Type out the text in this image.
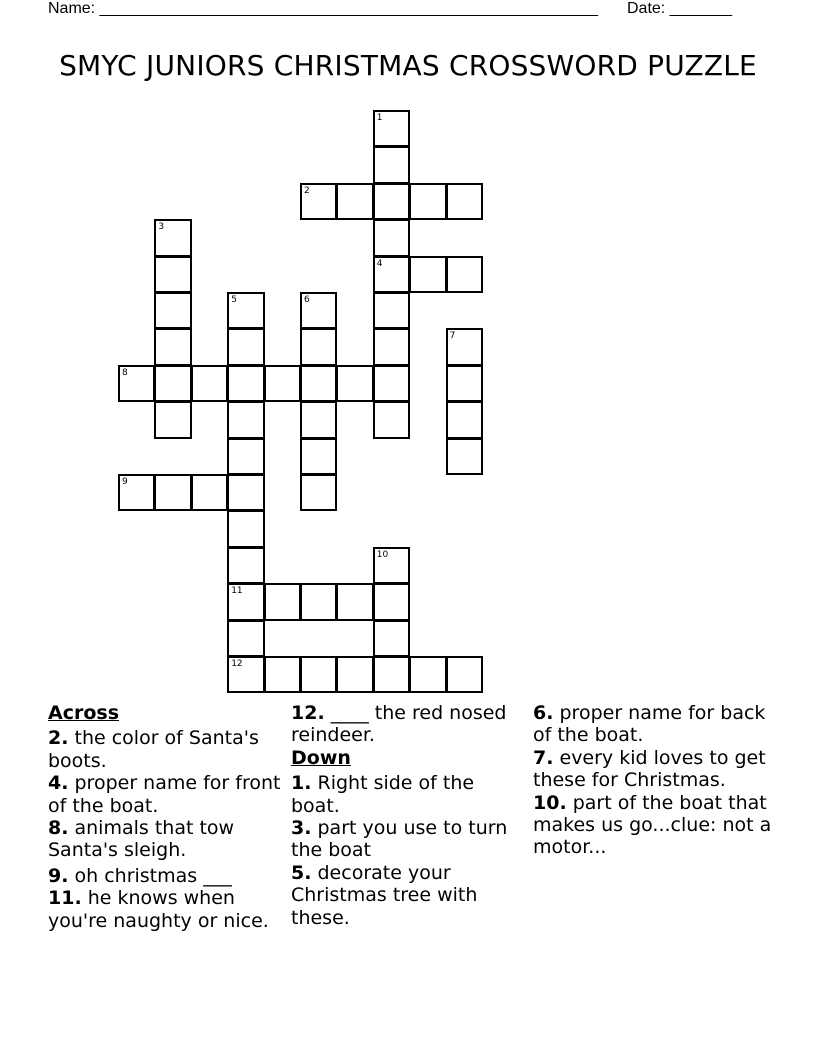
Name: ________________________________________________________ Date: _______
SMYC JUNIORS CHRISTMAS CROSSWORD PUZZLE
1
4
2
3
5
11
6
7
8
9
10
12
Across
2. the color of Santa's boots.
4. proper name for front of the boat.
8. animals that tow Santa's sleigh.
9. oh christmas ___
11. he knows when you're naughty or nice.
12. ____ the red nosed reindeer.
Down
1. Right side of the boat.
3. part you use to turn the boat
5. decorate your Christmas tree with these.
6. proper name for back of the boat.
7. every kid loves to get these for Christmas.
10. part of the boat that makes us go...clue: not a motor...
